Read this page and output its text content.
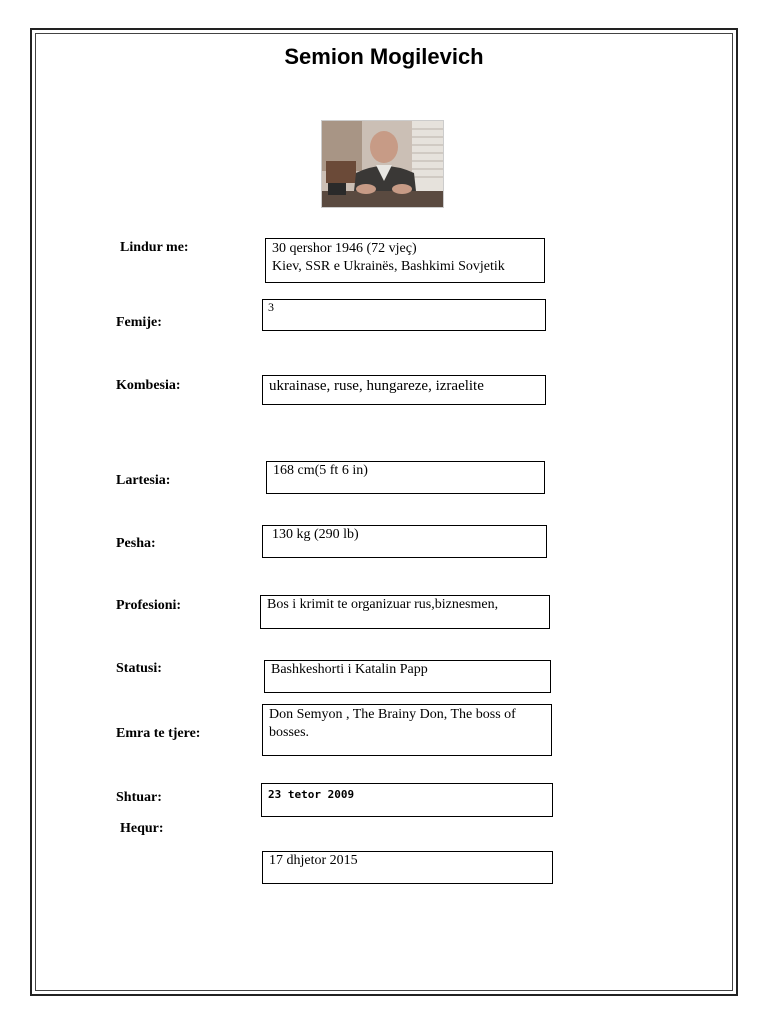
Semion Mogilevich
Lindur me:	30 qershor 1946 (72 vjeç)
Kiev, SSR e Ukrainës, Bashkimi Sovjetik
Femije:
3
Kombesia:	ukrainase, ruse, hungareze, izraelite
Lartesia:
168 cm(5 ft 6 in)
Pesha:
130 kg (290 lb)
Profesioni:	Bos i krimit te organizuar rus,biznesmen,
Statusi:	Bashkeshorti i Katalin Papp
Emra te tjere:
Don Semyon , The Brainy Don, The boss of
bosses.
Shtuar:	23 tetor 2009
Hequr:
17 dhjetor 2015
